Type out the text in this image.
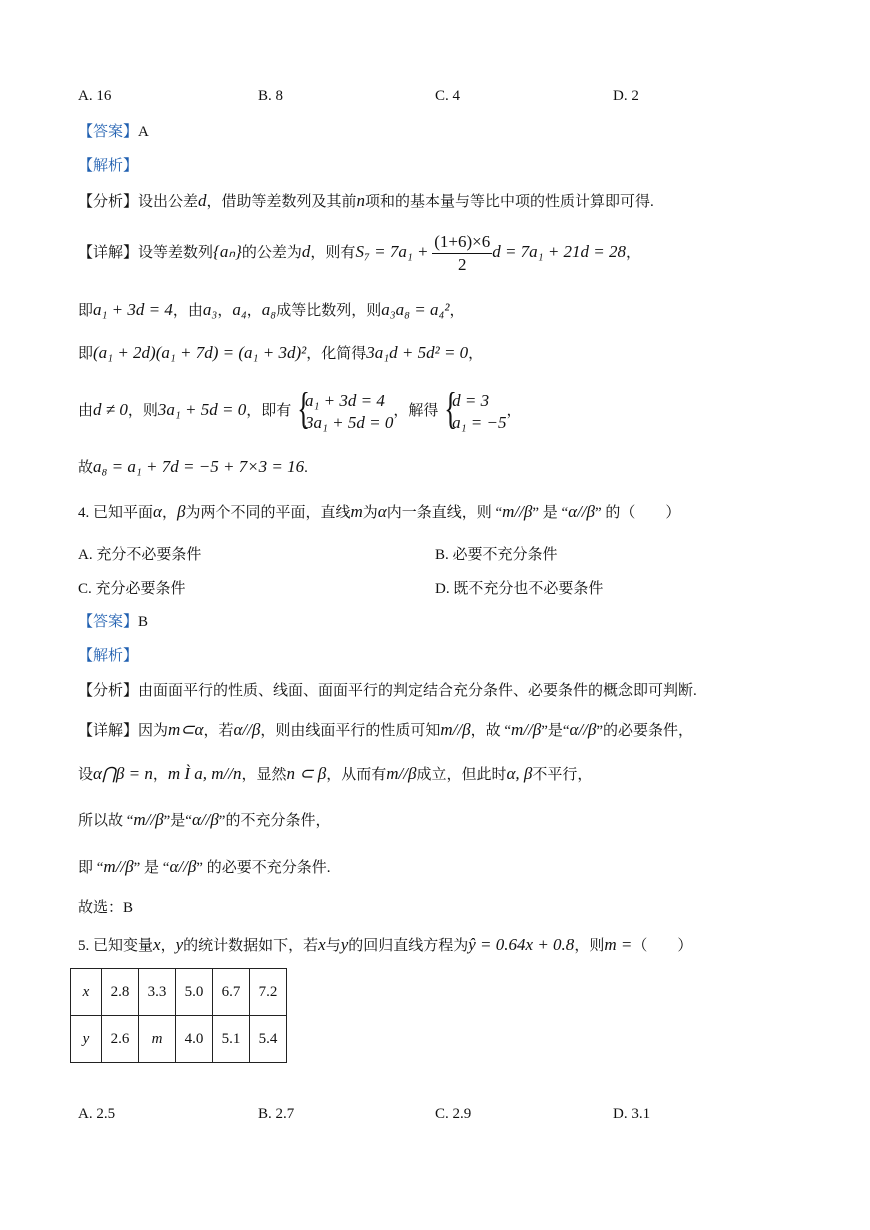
A. 16	B. 8	C. 4	D. 2
【答案】A
【解析】
【分析】设出公差d，借助等差数列及其前n项和的基本量与等比中项的性质计算即可得.
【详解】设等差数列{aₙ}的公差为d，则有$S_7 = 7a_1 + \frac{(1+6)\times 6}{2}$ d = 7a₁ + 21d = 28，
即a₁ + 3d = 4，由a₃，a₄，a₈成等比数列，则a₃a₈ = a₄²，
即(a₁ + 2d)(a₁ + 7d) = (a₁ + 3d)²，化简得3a₁d + 5d² = 0，
由d ≠ 0，则3a₁ + 5d = 0，即有
{ a₁ + 3d = 4
3a₁ + 5d = 0
，解得
{ d = 3
a₁ = −5
，
故a₈ = a₁ + 7d = −5 + 7×3 = 16.
4. 已知平面α，β为两个不同的平面，直线m为α内一条直线，则 “m//β” 是 “α//β” 的（　　）
A. 充分不必要条件	B. 必要不充分条件
C. 充分必要条件	D. 既不充分也不必要条件
【答案】B
【解析】
【分析】由面面平行的性质、线面、面面平行的判定结合充分条件、必要条件的概念即可判断.
【详解】因为m⊂α，若α//β，则由线面平行的性质可知m//β，故 “m//β”是“α//β”的必要条件，
设α⋂β = n，m Ì a, m//n，显然n ⊂ β，从而有m//β成立，但此时α, β不平行，
所以故 “m//β”是“α//β”的不充分条件，
即 “m//β” 是 “α//β” 的必要不充分条件.
故选：B
5. 已知变量x，y的统计数据如下，若x与y的回归直线方程为ŷ = 0.64x + 0.8，则m =（　　）
x	2.8	3.3	5.0	6.7	7.2
y	2.6	m	4.0	5.1	5.4
A. 2.5	B. 2.7	C. 2.9	D. 3.1
